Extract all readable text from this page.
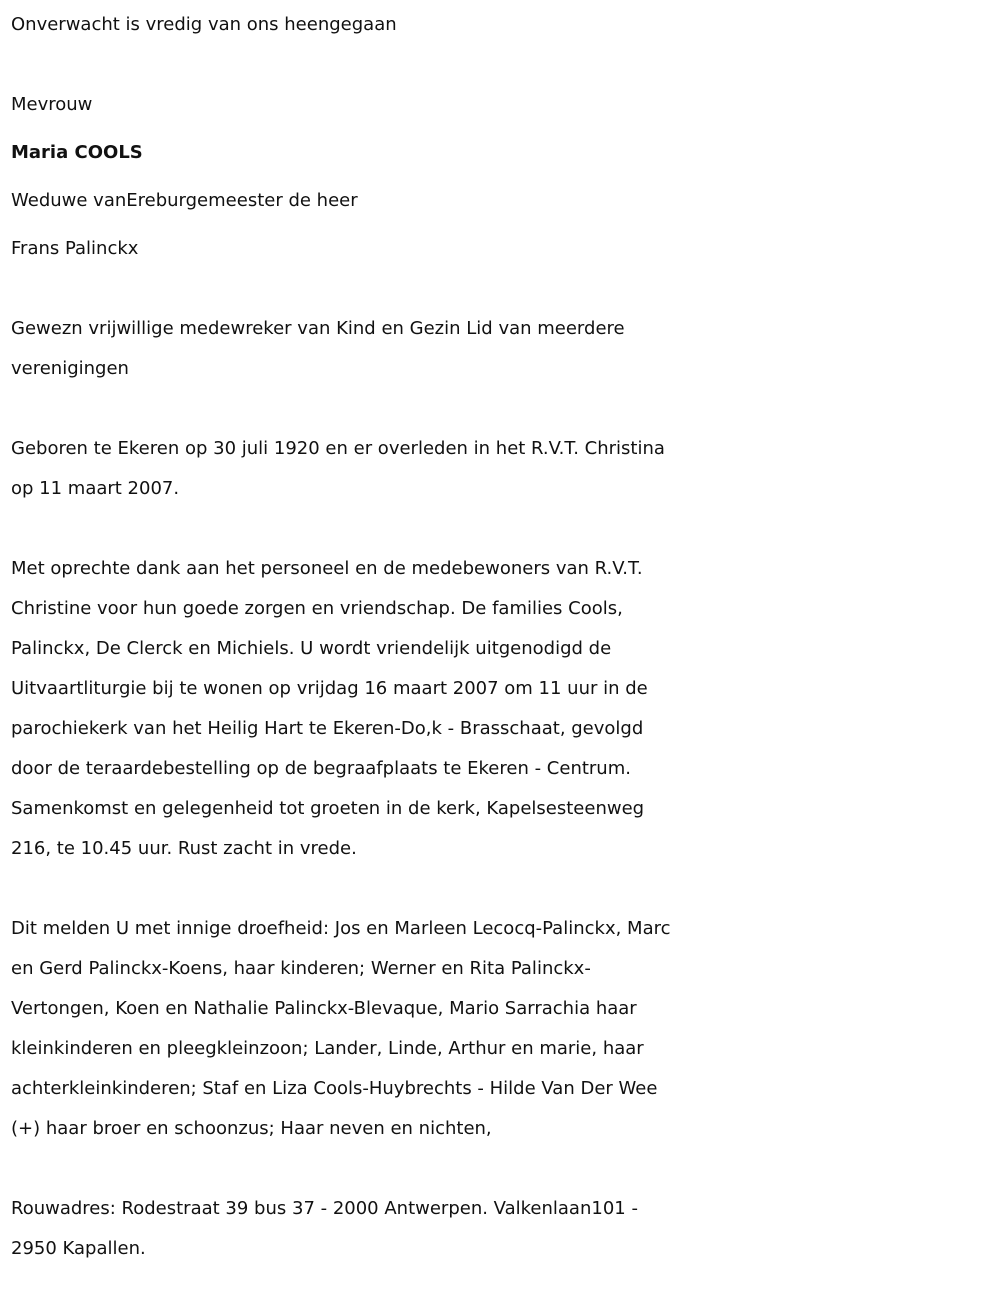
Onverwacht is vredig van ons heengegaan
Mevrouw
Maria COOLS
Weduwe vanEreburgemeester de heer
Frans Palinckx
Gewezn vrijwillige medewreker van Kind en Gezin Lid van meerdere
verenigingen
Geboren te Ekeren op 30 juli 1920 en er overleden in het R.V.T. Christina
op 11 maart 2007.
Met oprechte dank aan het personeel en de medebewoners van R.V.T.
Christine voor hun goede zorgen en vriendschap. De families Cools,
Palinckx, De Clerck en Michiels. U wordt vriendelijk uitgenodigd de
Uitvaartliturgie bij te wonen op vrijdag 16 maart 2007 om 11 uur in de
parochiekerk van het Heilig Hart te Ekeren-Do,k - Brasschaat, gevolgd
door de teraardebestelling op de begraafplaats te Ekeren - Centrum.
Samenkomst en gelegenheid tot groeten in de kerk, Kapelsesteenweg
216, te 10.45 uur. Rust zacht in vrede.
Dit melden U met innige droefheid: Jos en Marleen Lecocq-Palinckx, Marc
en Gerd Palinckx-Koens, haar kinderen; Werner en Rita Palinckx-
Vertongen, Koen en Nathalie Palinckx-Blevaque, Mario Sarrachia haar
kleinkinderen en pleegkleinzoon; Lander, Linde, Arthur en marie, haar
achterkleinkinderen; Staf en Liza Cools-Huybrechts - Hilde Van Der Wee
(+) haar broer en schoonzus; Haar neven en nichten,
Rouwadres: Rodestraat 39 bus 37 - 2000 Antwerpen. Valkenlaan101 -
2950 Kapallen.
